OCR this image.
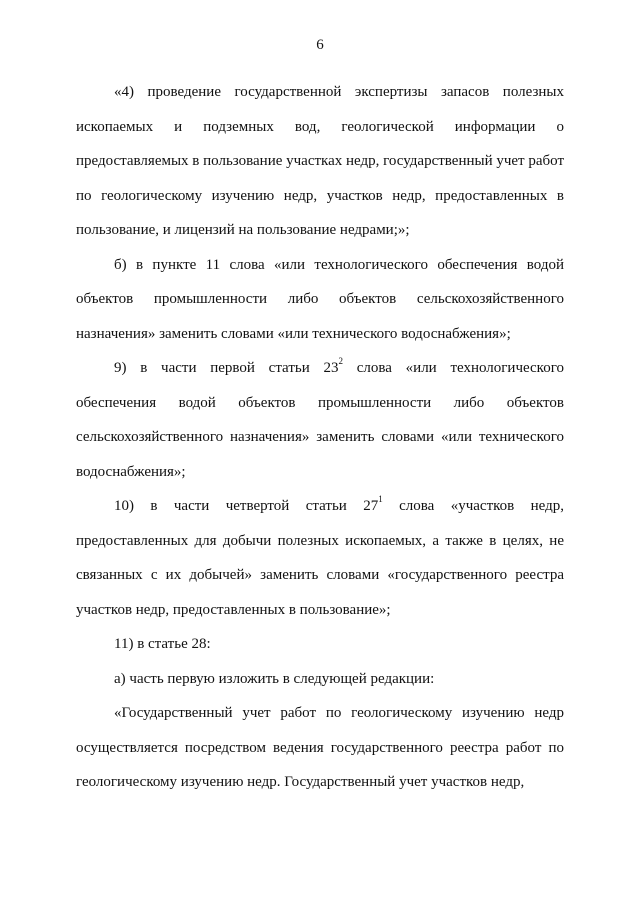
6

«4) проведение государственной экспертизы запасов полезных ископаемых и подземных вод, геологической информации о предоставляемых в пользование участках недр, государственный учет работ по геологическому изучению недр, участков недр, предоставленных в пользование, и лицензий на пользование недрами;»;

б) в пункте 11 слова «или технологического обеспечения водой объектов промышленности либо объектов сельскохозяйственного назначения» заменить словами «или технического водоснабжения»;

9) в части первой статьи $23^2$ слова «или технологического обеспечения водой объектов промышленности либо объектов сельскохозяйственного назначения» заменить словами «или технического водоснабжения»;

10) в части четвертой статьи $27^1$ слова «участков недр, предоставленных для добычи полезных ископаемых, а также в целях, не связанных с их добычей» заменить словами «государственного реестра участков недр, предоставленных в пользование»;

11) в статье 28:

а) часть первую изложить в следующей редакции:

«Государственный учет работ по геологическому изучению недр осуществляется посредством ведения государственного реестра работ по геологическому изучению недр. Государственный учет участков недр,
